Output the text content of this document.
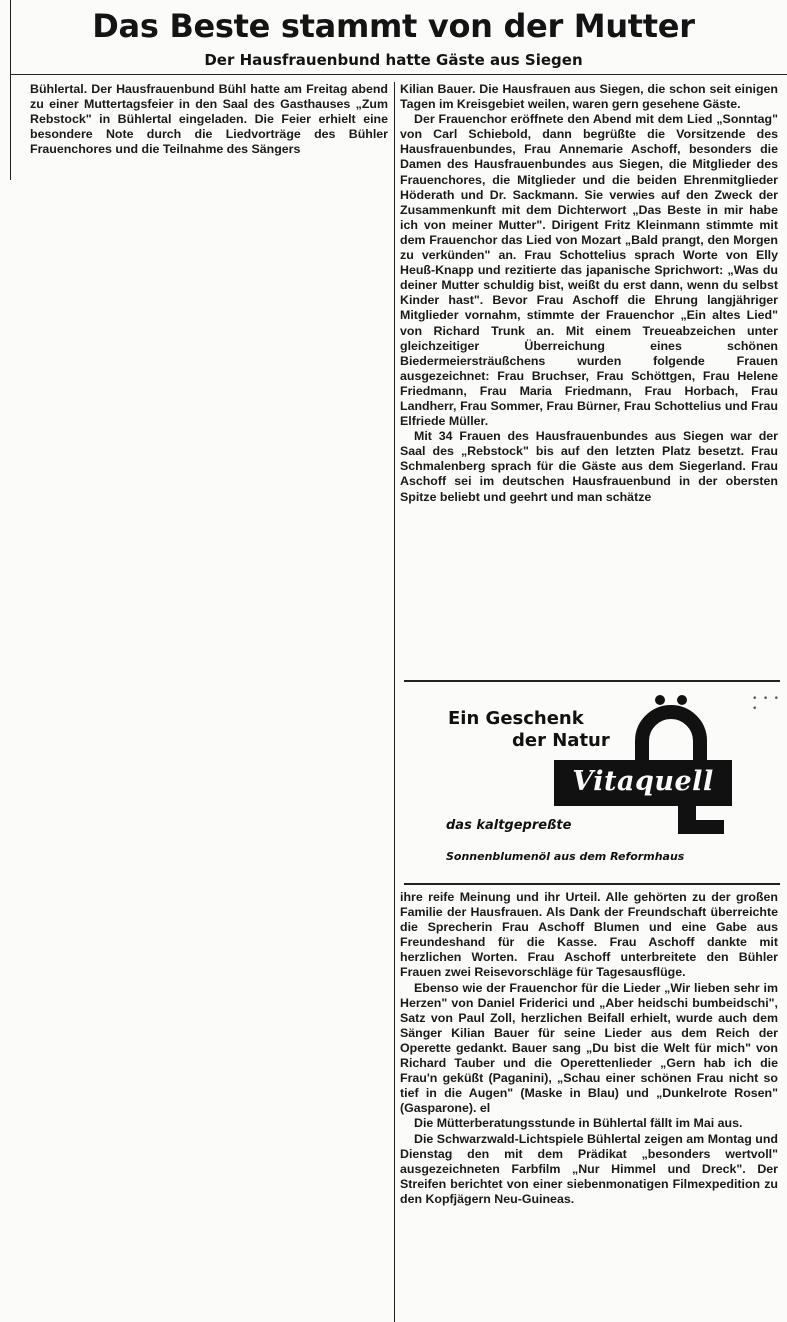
Das Beste stammt von der Mutter
Der Hausfrauenbund hatte Gäste aus Siegen

Bühlertal. Der Hausfrauenbund Bühl hatte am Freitag abend zu einer Muttertagsfeier in den Saal des Gasthauses „Zum Rebstock" in Bühlertal eingeladen. Die Feier erhielt eine besondere Note durch die Liedvorträge des Bühler Frauenchores und die Teilnahme des Sängers

Kilian Bauer. Die Hausfrauen aus Siegen, die schon seit einigen Tagen im Kreisgebiet weilen, waren gern gesehene Gäste.

Der Frauenchor eröffnete den Abend mit dem Lied „Sonntag" von Carl Schiebold, dann begrüßte die Vorsitzende des Hausfrauenbundes, Frau Annemarie Aschoff, besonders die Damen des Hausfrauenbundes aus Siegen, die Mitglieder des Frauenchores, die Mitglieder und die beiden Ehrenmitglieder Höderath und Dr. Sackmann. Sie verwies auf den Zweck der Zusammenkunft mit dem Dichterwort „Das Beste in mir habe ich von meiner Mutter". Dirigent Fritz Kleinmann stimmte mit dem Frauenchor das Lied von Mozart „Bald prangt, den Morgen zu verkünden" an. Frau Schottelius sprach Worte von Elly Heuß-Knapp und rezitierte das japanische Sprichwort: „Was du deiner Mutter schuldig bist, weißt du erst dann, wenn du selbst Kinder hast". Bevor Frau Aschoff die Ehrung langjähriger Mitglieder vornahm, stimmte der Frauenchor „Ein altes Lied" von Richard Trunk an. Mit einem Treueabzeichen unter gleichzeitiger Überreichung eines schönen Biedermeiersträußchens wurden folgende Frauen ausgezeichnet: Frau Bruchser, Frau Schöttgen, Frau Helene Friedmann, Frau Maria Friedmann, Frau Horbach, Frau Landherr, Frau Sommer, Frau Bürner, Frau Schottelius und Frau Elfriede Müller.

Mit 34 Frauen des Hausfrauenbundes aus Siegen war der Saal des „Rebstock" bis auf den letzten Platz besetzt. Frau Schmalenberg sprach für die Gäste aus dem Siegerland. Frau Aschoff sei im deutschen Hausfrauenbund in der obersten Spitze beliebt und geehrt und man schätze

• • • •
Ein Geschenk
der Natur
Vitaquell
das kaltgepreßte
Sonnenblumenöl aus dem Reformhaus

ihre reife Meinung und ihr Urteil. Alle gehörten zu der großen Familie der Hausfrauen. Als Dank der Freundschaft überreichte die Sprecherin Frau Aschoff Blumen und eine Gabe aus Freundeshand für die Kasse. Frau Aschoff dankte mit herzlichen Worten. Frau Aschoff unterbreitete den Bühler Frauen zwei Reisevorschläge für Tagesausflüge.

Ebenso wie der Frauenchor für die Lieder „Wir lieben sehr im Herzen" von Daniel Friderici und „Aber heidschi bumbeidschi", Satz von Paul Zoll, herzlichen Beifall erhielt, wurde auch dem Sänger Kilian Bauer für seine Lieder aus dem Reich der Operette gedankt. Bauer sang „Du bist die Welt für mich" von Richard Tauber und die Operettenlieder „Gern hab ich die Frau'n geküßt (Paganini), „Schau einer schönen Frau nicht so tief in die Augen" (Maske in Blau) und „Dunkelrote Rosen" (Gasparone). el

Die Mütterberatungsstunde in Bühlertal fällt im Mai aus.

Die Schwarzwald-Lichtspiele Bühlertal zeigen am Montag und Dienstag den mit dem Prädikat „besonders wertvoll" ausgezeichneten Farbfilm „Nur Himmel und Dreck". Der Streifen berichtet von einer siebenmonatigen Filmexpedition zu den Kopfjägern Neu-Guineas.
